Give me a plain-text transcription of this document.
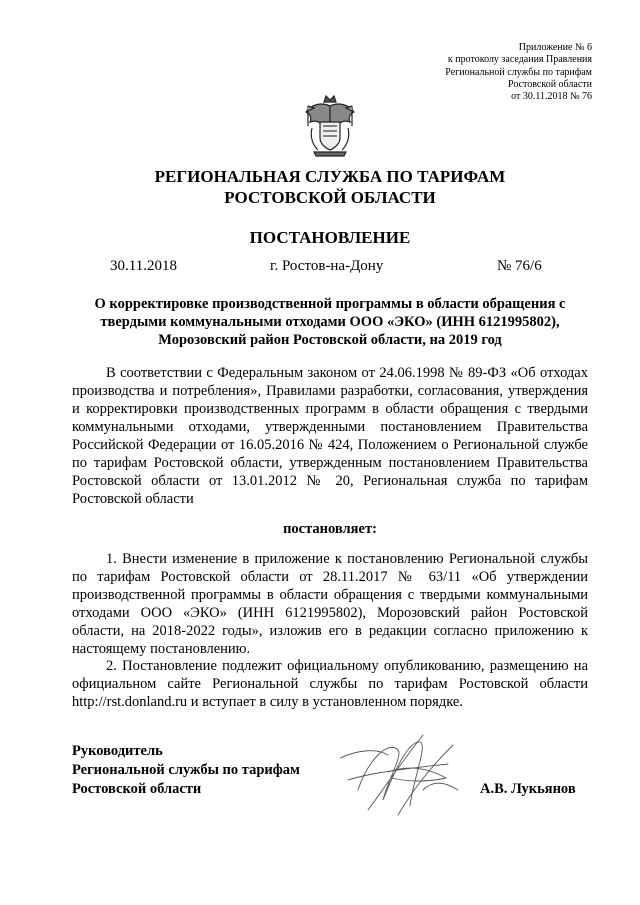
Приложение № 6
к протоколу заседания Правления
Региональной службы по тарифам
Ростовской области
от 30.11.2018 № 76
РЕГИОНАЛЬНАЯ СЛУЖБА ПО ТАРИФАМ
РОСТОВСКОЙ ОБЛАСТИ
ПОСТАНОВЛЕНИЕ
30.11.2018	г. Ростов-на-Дону	№ 76/6
О корректировке производственной программы в области обращения с твердыми коммунальными отходами ООО «ЭКО» (ИНН 6121995802), Морозовский район Ростовской области, на 2019 год
В соответствии с Федеральным законом от 24.06.1998 № 89-ФЗ «Об отходах производства и потребления», Правилами разработки, согласования, утверждения и корректировки производственных программ в области обращения с твердыми коммунальными отходами, утвержденными постановлением Правительства Российской Федерации от 16.05.2016 № 424, Положением о Региональной службе по тарифам Ростовской области, утвержденным постановлением Правительства Ростовской области от 13.01.2012 № 20, Региональная служба по тарифам Ростовской области
постановляет:
1. Внести изменение в приложение к постановлению Региональной службы по тарифам Ростовской области от 28.11.2017 № 63/11 «Об утверждении производственной программы в области обращения с твердыми коммунальными отходами ООО «ЭКО» (ИНН 6121995802), Морозовский район Ростовской области, на 2018-2022 годы», изложив его в редакции согласно приложению к настоящему постановлению.
2. Постановление подлежит официальному опубликованию, размещению на официальном сайте Региональной службы по тарифам Ростовской области http://rst.donland.ru и вступает в силу в установленном порядке.
Руководитель
Региональной службы по тарифам
Ростовской области	А.В. Лукьянов
